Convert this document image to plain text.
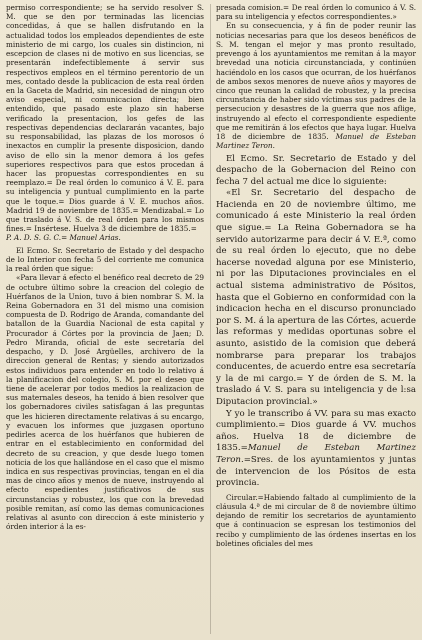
permiso correspondiente; se ha servido resolver S. M. que se den por terminadas las licencias concedidas, á que se hallen disfrutando en la actualidad todos los empleados dependientes de este ministerio de mi cargo, los cuales sin distincion, ni escepcion de clases ni de motivo en sus licencias, se presentarán indefectiblemente á servir sus respectivos empleos en el término perentorio de un mes, contado desde la publicacion de esta real órden en la Gaceta de Madrid, sin necesidad de ningun otro aviso especial, ni comunicacion directa; bien entendido, que pasado este plazo sin haberse verificado la presentacion, los gefes de las respectivas dependencias declararán vacantes, bajo su responsabilidad, las plazas de los morosos ó inexactos en cumplir la presente disposicion, dando aviso de ello sin la menor demora á los gefes superiores respectivos para que estos procedan á hacer las propuestas correspondientes en su reemplazo.= De real órden lo comunico á V. E. para su inteligencia y puntual cumplimiento en la parte que le toque.= Dios guarde á V. E. muchos años. Madrid 19 de noviembre de 1835.= Mendizabal.= Lo que traslado á V. S. de real órden para los mismos fines.= Insértese. Huelva 3 de diciembre de 1835.=

P. A. D. S. G. C.= Manuel Arias.

El Ecmo. Sr. Secretario de Estado y del despacho de lo Interior con fecha 5 del corriente me comunica la real órden que sigue:

«Para llevar á efecto el benéfico real decreto de 29 de octubre último sobre la creacion del colegio de Huérfanos de la Union, tuvo á bien nombrar S. M. la Reina Gobernadora en 31 del mismo una comision compuesta de D. Rodrigo de Aranda, comandante del batallon de la Guardia Nacional de esta capital y Procurador á Córtes por la provincia de Jaen; D. Pedro Miranda, oficial de este secretaría del despacho, y D. José Argüelles, archivero de la direccion general de Rentas; y siendo autorizados estos individuos para entender en todo lo relativo á la planificacion del colegio, S. M. por el deseo que tiene de acelerar por todos medios la realizacion de sus maternales deseos, ha tenido á bien resolver que los gobernadores civiles satisfagan á las preguntas que les hicieren directamente relativas á su encargo, y evacuen los informes que juzgasen oportuno pedirles acerca de los huérfanos que hubieren de entrar en el establecimiento en conformidad del decreto de su creacion, y que desde luego tomen noticia de los que hallándose en el caso que el mismo indica en sus respectivas provincias, tengan en el dia mas de cinco años y menos de nueve, instruyendo al efecto espedientes justificativos de sus circunstancias y robustez, los que con la brevedad posible remitan, así como las demas comunicaciones relativas al asunto con direccion á este ministerio y órden interior á la es-

presada comision.= De real órden lo comunico á V. S. para su inteligencia y efectos correspondientes.»

En su consecuencia, y á fin de poder reunir las noticias necesarias para que los deseos benéficos de S. M. tengan el mejor y mas pronto resultado, prevengo á los ayuntamientos me remitan á la mayor brevedad una noticia circunstanciada, y continúen haciéndolo en los casos que ocurran, de los huérfanos de ambos sexos menores de nueve años y mayores de cinco que reunan la calidad de robustez, y la precisa circunstancia de haber sido víctimas sus padres de la persecucion y desastres de la guerra que nos aflige, instruyendo al efecto el correspondiente espediente que me remitirán á los efectos que haya lugar. Huelva 18 de diciembre de 1835. Manuel de Esteban Martinez Teron.

El Ecmo. Sr. Secretario de Estado y del despacho de la Gobernacion del Reino con fecha 7 del actual me dice lo siguiente:

«El Sr. Secretario del despacho de Hacienda en 20 de noviembre último, me comunicado á este Ministerio la real órden que sigue.= La Reina Gobernadora se ha servido autorizarme para decir á V. E.ª, como de su real órden lo ejecuto, que no debe hacerse novedad alguna por ese Ministerio, ni por las Diputaciones provinciales en el actual sistema administrativo de Pósitos, hasta que el Gobierno en conformidad con la indicacion hecha en el discurso pronunciado por S. M. á la apertura de las Córtes, acuerde las reformas y medidas oportunas sobre el asunto, asistido de la comision que deberá nombrarse para preparar los trabajos conducentes, de acuerdo entre esa secretaría y la de mi cargo.= Y de órden de S. M. la traslado á V. S. para su inteligencia y de l:sa Diputacion provincial.»

Y yo le transcribo á VV. para su mas exacto cumplimiento.= Dios guarde á VV. muchos años. Huelva 18 de diciembre de 1835.=Manuel de Esteban Martinez Teron.=Sres. de los ayuntamientos y juntas de intervencion de los Pósitos de esta provincia.

Circular.=Habiendo faltado al cumplimiento de la cláusula 4.ª de mi circular de 8 de noviembre último dejando de remitir los secretarios de ayuntamiento que á continuacion se espresan los testimonios del recibo y cumplimiento de las órdenes insertas en los boletines oficiales del mes
